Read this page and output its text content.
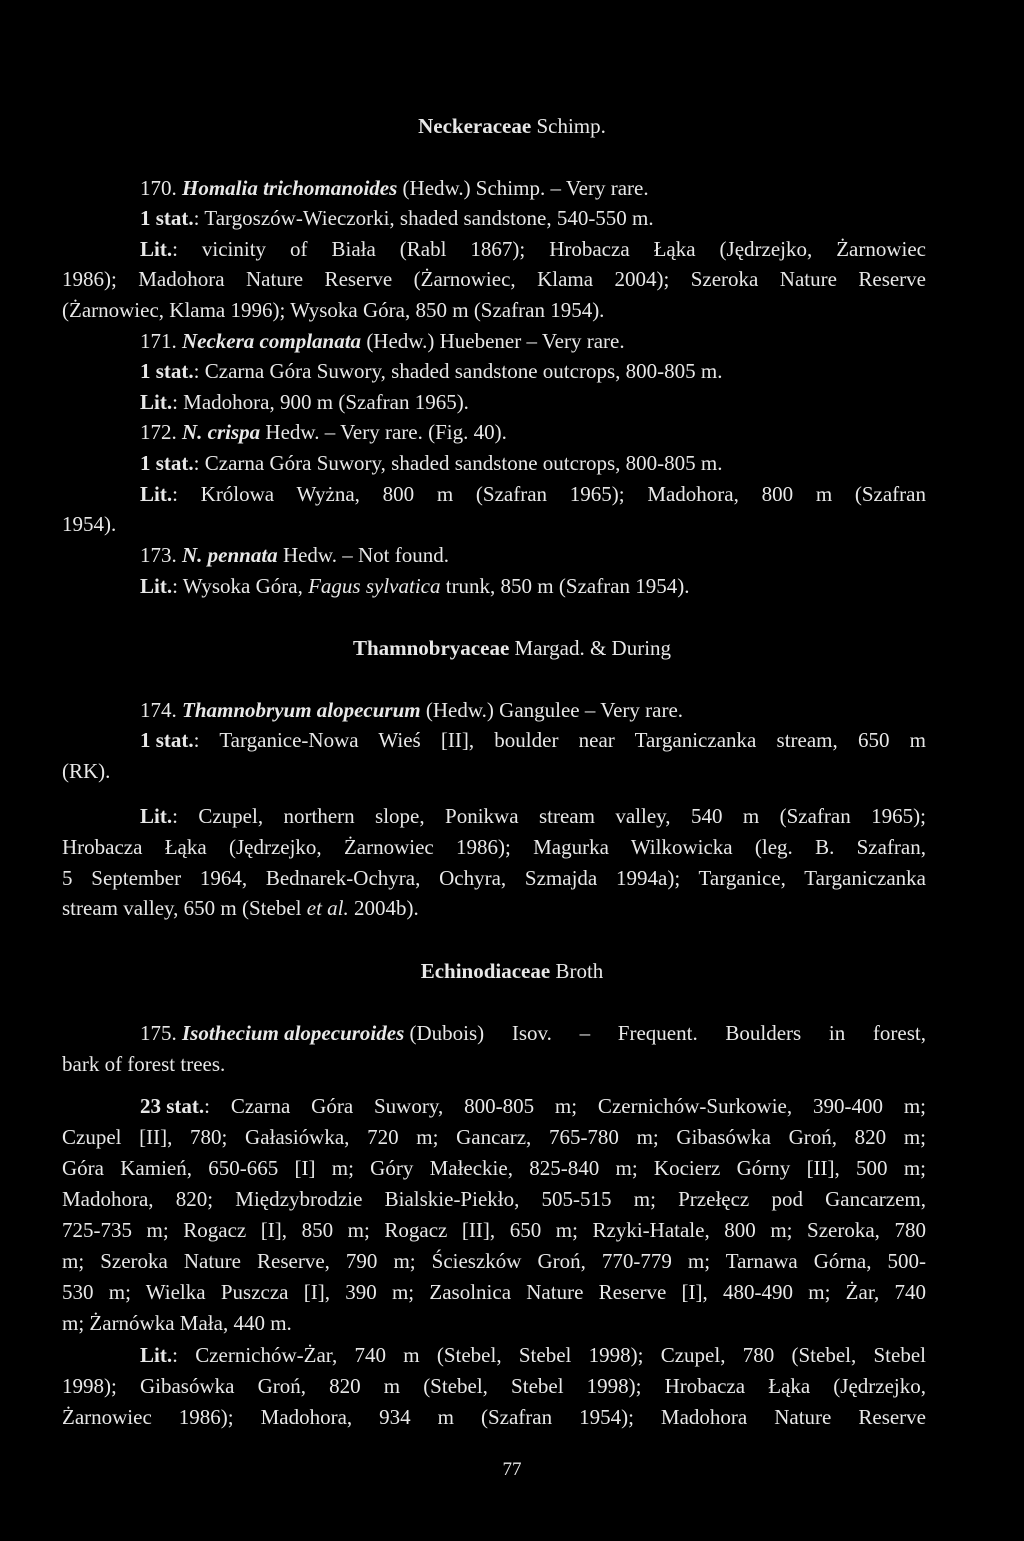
Neckeraceae Schimp.
170. Homalia trichomanoides (Hedw.) Schimp. – Very rare.
1 stat.: Targoszów-Wieczorki, shaded sandstone, 540-550 m.
Lit. : vicinity of Biała (Rabl 1867); Hrobacza Łąka (Jędrzejko, Żarnowiec
1986); Madohora Nature Reserve (Żarnowiec, Klama 2004); Szeroka Nature Reserve
(Żarnowiec, Klama 1996); Wysoka Góra, 850 m (Szafran 1954).
171. Neckera complanata (Hedw.) Huebener – Very rare.
1 stat.: Czarna Góra Suwory, shaded sandstone outcrops, 800-805 m.
Lit.: Madohora, 900 m (Szafran 1965).
172. N. crispa Hedw. – Very rare. (Fig. 40).
1 stat.: Czarna Góra Suwory, shaded sandstone outcrops, 800-805 m.
Lit. : Królowa Wyżna, 800 m (Szafran 1965); Madohora, 800 m (Szafran
1954).
173. N. pennata Hedw. – Not found.
Lit.: Wysoka Góra, Fagus sylvatica trunk, 850 m (Szafran 1954).
Thamnobryaceae Margad. & During
174. Thamnobryum alopecurum (Hedw.) Gangulee – Very rare.
1 stat. : Targanice-Nowa Wieś [II], boulder near Targaniczanka stream, 650 m
(RK).
Lit. : Czupel, northern slope, Ponikwa stream valley, 540 m (Szafran 1965);
Hrobacza Łąka (Jędrzejko, Żarnowiec 1986); Magurka Wilkowicka (leg. B. Szafran,
5 September 1964, Bednarek-Ochyra, Ochyra, Szmajda 1994a); Targanice, Targaniczanka
stream valley, 650 m (Stebel et al. 2004b).
Echinodiaceae Broth
175.
Isothecium alopecuroides
(Dubois) Isov. – Frequent. Boulders in forest,
bark of forest trees.
23 stat. : Czarna Góra Suwory, 800-805 m; Czernichów-Surkowie, 390-400 m;
Czupel [II], 780; Gałasiówka, 720 m; Gancarz, 765-780 m; Gibasówka Groń, 820 m;
Góra Kamień, 650-665 [I] m; Góry Małeckie, 825-840 m; Kocierz Górny [II], 500 m;
Madohora, 820; Międzybrodzie Bialskie-Piekło, 505-515 m; Przełęcz pod Gancarzem,
725-735 m; Rogacz [I], 850 m; Rogacz [II], 650 m; Rzyki-Hatale, 800 m; Szeroka, 780
m; Szeroka Nature Reserve, 790 m; Ścieszków Groń, 770-779 m; Tarnawa Górna, 500-
530 m; Wielka Puszcza [I], 390 m; Zasolnica Nature Reserve [I], 480-490 m; Żar, 740
m; Żarnówka Mała, 440 m.
Lit. : Czernichów-Żar, 740 m (Stebel, Stebel 1998); Czupel, 780 (Stebel, Stebel
1998); Gibasówka Groń, 820 m (Stebel, Stebel 1998); Hrobacza Łąka (Jędrzejko,
Żarnowiec 1986); Madohora, 934 m (Szafran 1954); Madohora Nature Reserve
77
